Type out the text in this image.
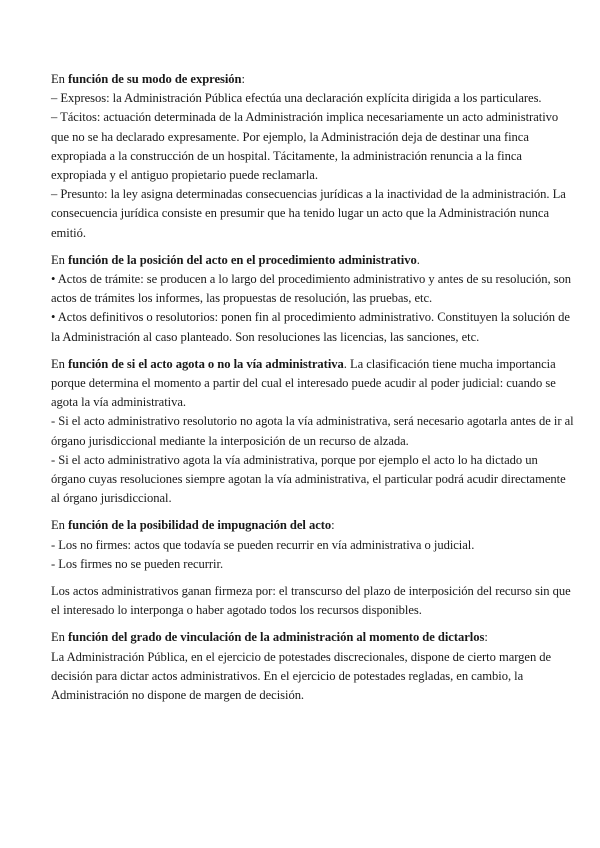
En función de su modo de expresión:

– Expresos: la Administración Pública efectúa una declaración explícita dirigida a los particulares.

– Tácitos: actuación determinada de la Administración implica necesariamente un acto administrativo que no se ha declarado expresamente. Por ejemplo, la Administración deja de destinar una finca expropiada a la construcción de un hospital. Tácitamente, la administración renuncia a la finca expropiada y el antiguo propietario puede reclamarla.

– Presunto: la ley asigna determinadas consecuencias jurídicas a la inactividad de la administración. La consecuencia jurídica consiste en presumir que ha tenido lugar un acto que la Administración nunca emitió.

En función de la posición del acto en el procedimiento administrativo.

• Actos de trámite: se producen a lo largo del procedimiento administrativo y antes de su resolución, son actos de trámites los informes, las propuestas de resolución, las pruebas, etc.

• Actos definitivos o resolutorios: ponen fin al procedimiento administrativo. Constituyen la solución de la Administración al caso planteado. Son resoluciones las licencias, las sanciones, etc.

En función de si el acto agota o no la vía administrativa. La clasificación tiene mucha importancia porque determina el momento a partir del cual el interesado puede acudir al poder judicial: cuando se agota la vía administrativa.

- Si el acto administrativo resolutorio no agota la vía administrativa, será necesario agotarla antes de ir al órgano jurisdiccional mediante la interposición de un recurso de alzada.

- Si el acto administrativo agota la vía administrativa, porque por ejemplo el acto lo ha dictado un órgano cuyas resoluciones siempre agotan la vía administrativa, el particular podrá acudir directamente al órgano jurisdiccional.

En función de la posibilidad de impugnación del acto:

- Los no firmes: actos que todavía se pueden recurrir en vía administrativa o judicial.

- Los firmes no se pueden recurrir.

Los actos administrativos ganan firmeza por: el transcurso del plazo de interposición del recurso sin que el interesado lo interponga o haber agotado todos los recursos disponibles.

En función del grado de vinculación de la administración al momento de dictarlos:

La Administración Pública, en el ejercicio de potestades discrecionales, dispone de cierto margen de decisión para dictar actos administrativos. En el ejercicio de potestades regladas, en cambio, la Administración no dispone de margen de decisión.
